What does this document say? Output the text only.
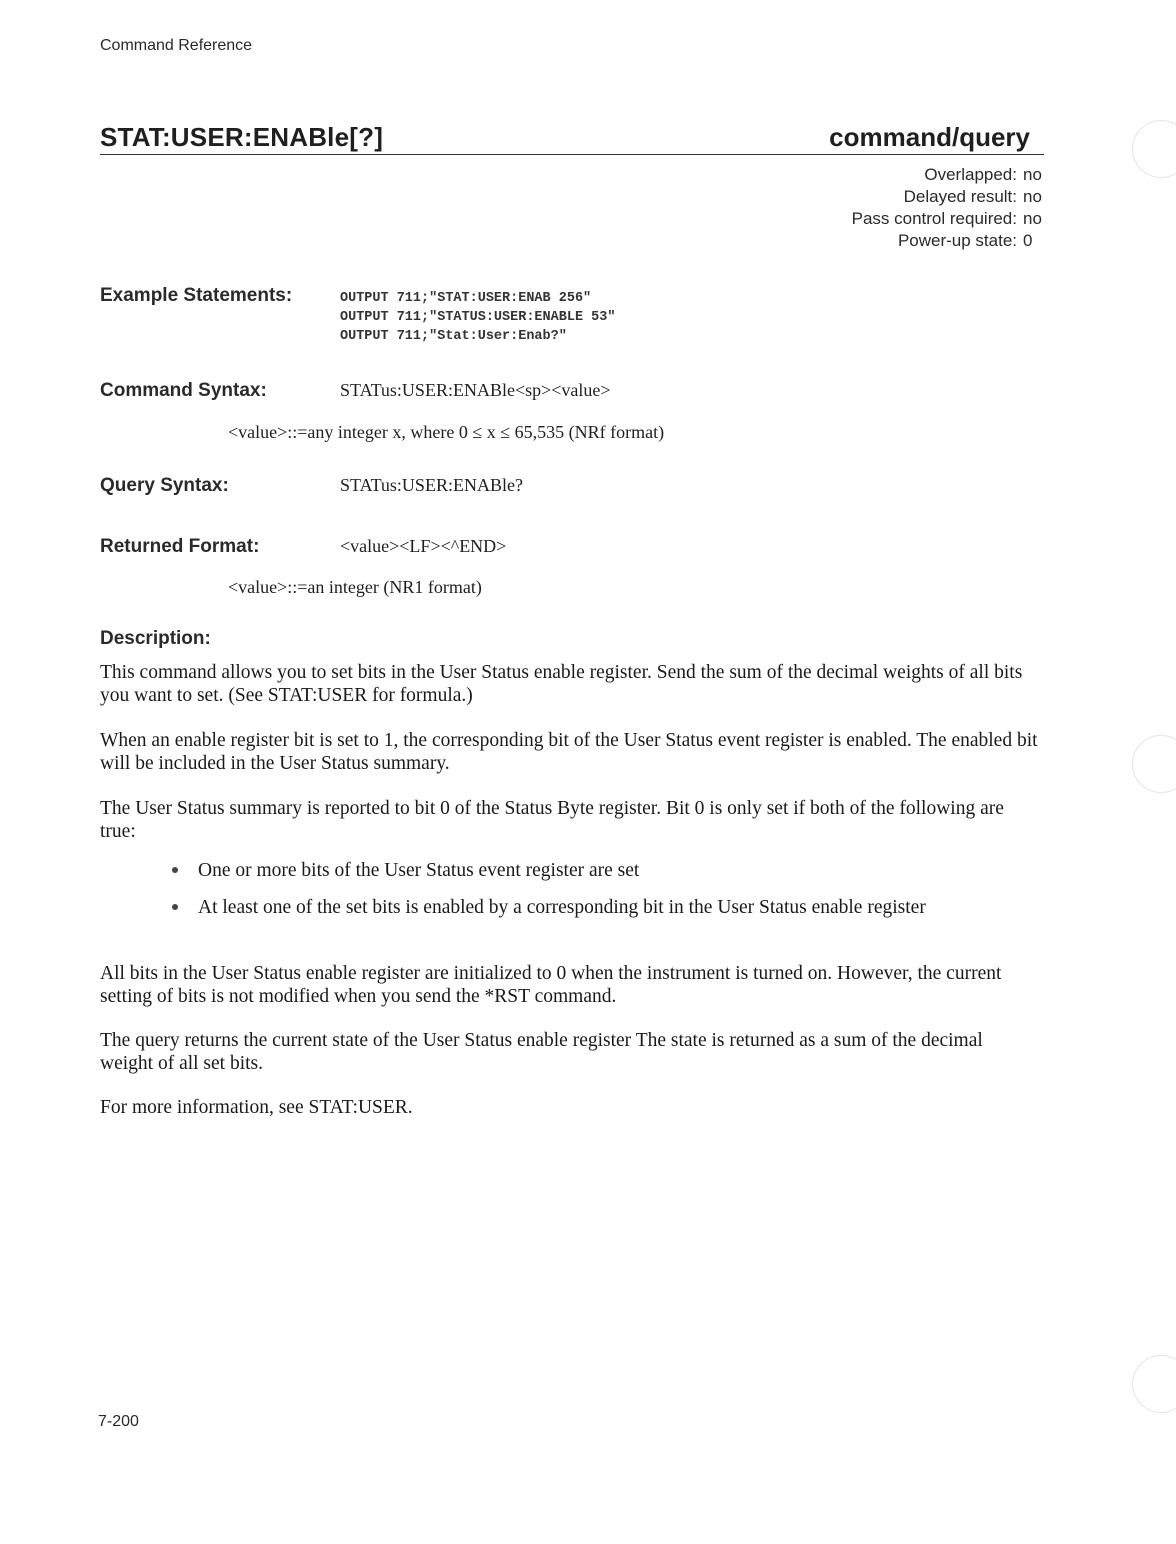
Command Reference
STAT:USER:ENABle[?]	command/query
Overlapped: no
Delayed result: no
Pass control required: no
Power-up state: 0
Example Statements:	OUTPUT 711;"STAT:USER:ENAB 256"
OUTPUT 711;"STATUS:USER:ENABLE 53"
OUTPUT 711;"Stat:User:Enab?"
Command Syntax:	STATus:USER:ENABle<sp><value>
<value>::=any integer x, where 0 ≤ x ≤ 65,535 (NRf format)
Query Syntax:	STATus:USER:ENABle?
Returned Format:	<value><LF><^END>
<value>::=an integer (NR1 format)
Description:

This command allows you to set bits in the User Status enable register. Send the sum of the decimal weights of all bits you want to set. (See STAT:USER for formula.)

When an enable register bit is set to 1, the corresponding bit of the User Status event register is enabled. The enabled bit will be included in the User Status summary.

The User Status summary is reported to bit 0 of the Status Byte register. Bit 0 is only set if both of the following are true:

One or more bits of the User Status event register are set
At least one of the set bits is enabled by a corresponding bit in the User Status enable register

All bits in the User Status enable register are initialized to 0 when the instrument is turned on. However, the current setting of bits is not modified when you send the *RST command.

The query returns the current state of the User Status enable register The state is returned as a sum of the decimal weight of all set bits.

For more information, see STAT:USER.

7-200
